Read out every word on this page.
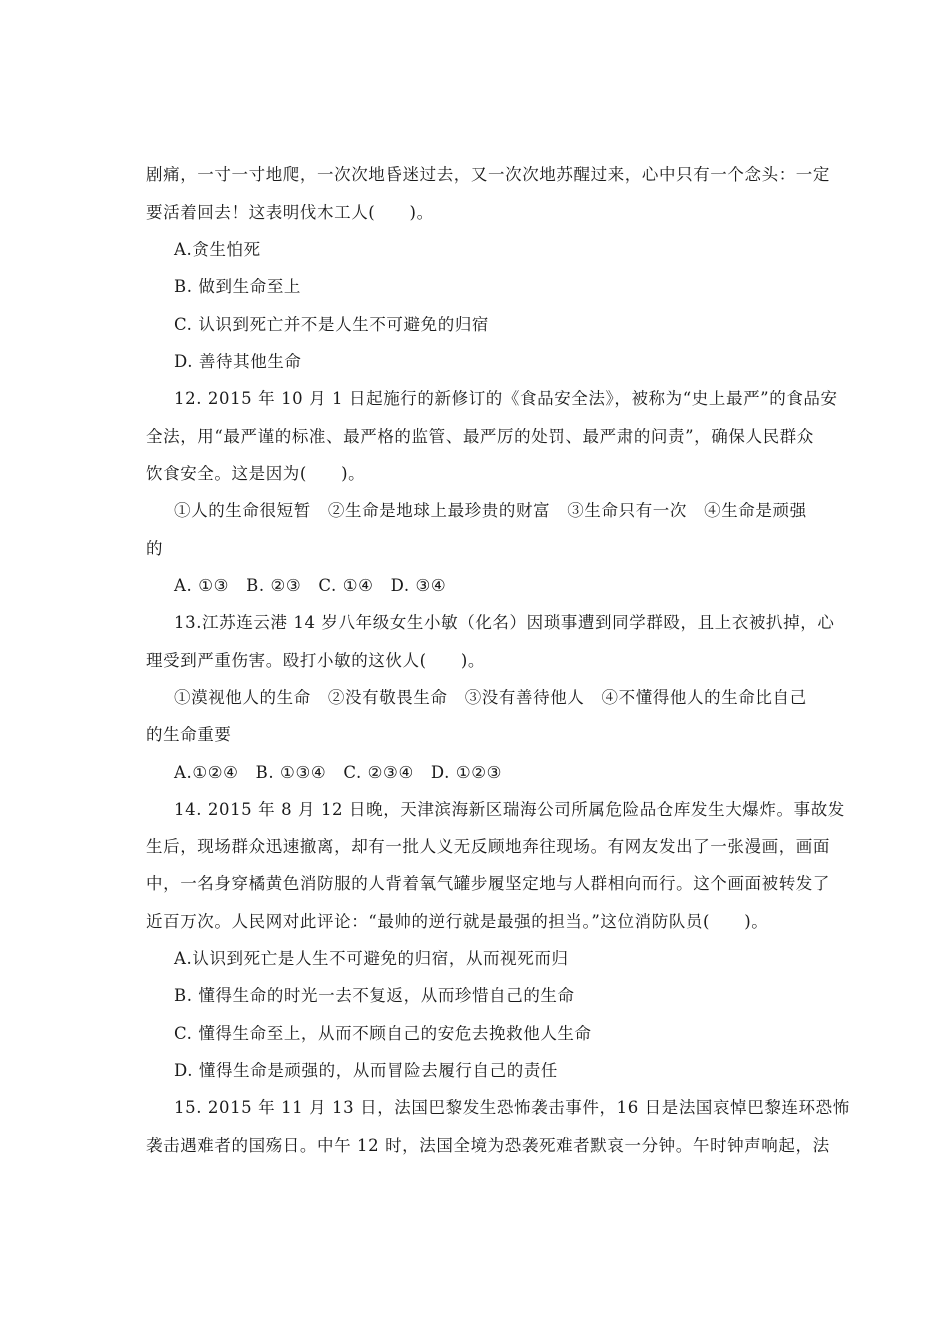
剧痛，一寸一寸地爬，一次次地昏迷过去，又一次次地苏醒过来，心中只有一个念头：一定
要活着回去！这表明伐木工人(　　)。
A.贪生怕死
B. 做到生命至上
C. 认识到死亡并不是人生不可避免的归宿
D. 善待其他生命
12. 2015 年 10 月 1 日起施行的新修订的《食品安全法》，被称为“史上最严”的食品安
全法，用“最严谨的标准、最严格的监管、最严厉的处罚、最严肃的问责”，确保人民群众
饮食安全。这是因为(　　)。
①人的生命很短暂　②生命是地球上最珍贵的财富　③生命只有一次　④生命是顽强
的
A. ①③　B. ②③　C. ①④　D. ③④
13.江苏连云港 14 岁八年级女生小敏（化名）因琐事遭到同学群殴，且上衣被扒掉，心
理受到严重伤害。殴打小敏的这伙人(　　)。
①漠视他人的生命　②没有敬畏生命　③没有善待他人　④不懂得他人的生命比自己
的生命重要
A.①②④　B. ①③④　C. ②③④　D. ①②③
14. 2015 年 8 月 12 日晚，天津滨海新区瑞海公司所属危险品仓库发生大爆炸。事故发
生后，现场群众迅速撤离，却有一批人义无反顾地奔往现场。有网友发出了一张漫画，画面
中，一名身穿橘黄色消防服的人背着氧气罐步履坚定地与人群相向而行。这个画面被转发了
近百万次。人民网对此评论：“最帅的逆行就是最强的担当。”这位消防队员(　　)。
A.认识到死亡是人生不可避免的归宿，从而视死而归
B. 懂得生命的时光一去不复返，从而珍惜自己的生命
C. 懂得生命至上，从而不顾自己的安危去挽救他人生命
D. 懂得生命是顽强的，从而冒险去履行自己的责任
15. 2015 年 11 月 13 日，法国巴黎发生恐怖袭击事件，16 日是法国哀悼巴黎连环恐怖
袭击遇难者的国殇日。中午 12 时，法国全境为恐袭死难者默哀一分钟。午时钟声响起，法
